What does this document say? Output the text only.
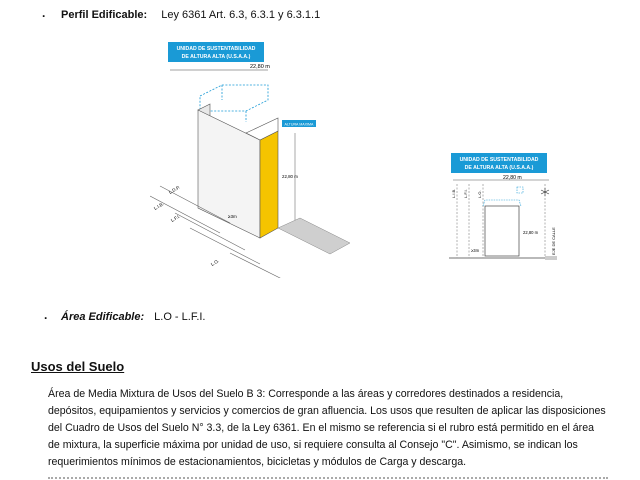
. Perfil Edificable: Ley 6361 Art. 6.3, 6.3.1 y 6.3.1.1
UNIDAD DE SUSTENTABILIDAD
DE ALTURA ALTA (U.S.A.A.)
22,80 m
ALTURA MAXIMA
22,80 m
≥3m
L.D.P.
L.I.B.
L.F.I.
L.O.
UNIDAD DE SUSTENTABILIDAD
DE ALTURA ALTA (U.S.A.A.)
22,80 m
22,80 m
≥3m
L.I.B. L.F.I. L.O.
EJE DE CALLE
. Área Edificable: L.O - L.F.I.
Usos del Suelo

Área de Media Mixtura de Usos del Suelo B 3: Corresponde a las áreas y corredores destinados a residencia, depósitos, equipamientos y servicios y comercios de gran afluencia. Los usos que resulten de aplicar las disposiciones del Cuadro de Usos del Suelo N° 3.3, de la Ley 6361. En el mismo se referencia si el rubro está permitido en el área de mixtura, la superficie máxima por unidad de uso, si requiere consulta al Consejo "C". Asimismo, se indican los requerimientos mínimos de estacionamientos, bicicletas y módulos de Carga y descarga.
